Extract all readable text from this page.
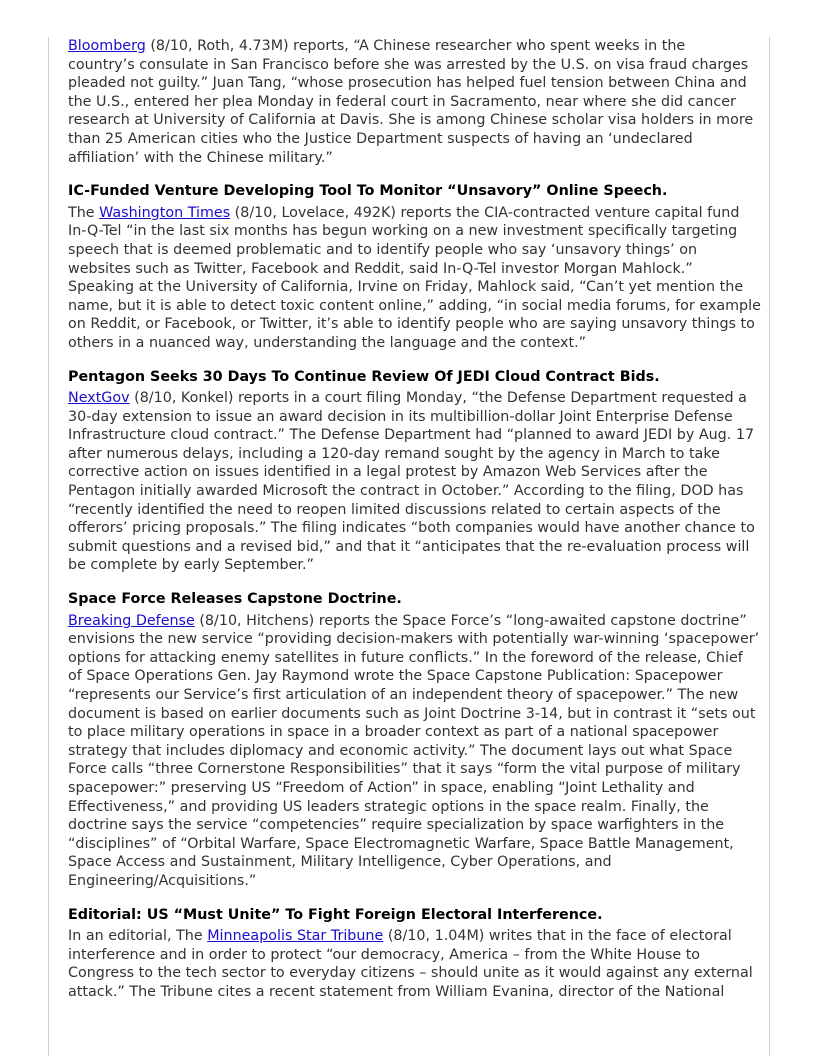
Bloomberg (8/10, Roth, 4.73M) reports, “A Chinese researcher who spent weeks in the
country’s consulate in San Francisco before she was arrested by the U.S. on visa fraud charges
pleaded not guilty.” Juan Tang, “whose prosecution has helped fuel tension between China and
the U.S., entered her plea Monday in federal court in Sacramento, near where she did cancer
research at University of California at Davis. She is among Chinese scholar visa holders in more
than 25 American cities who the Justice Department suspects of having an ‘undeclared
affiliation’ with the Chinese military.”
IC-Funded Venture Developing Tool To Monitor “Unsavory” Online Speech.
The Washington Times (8/10, Lovelace, 492K) reports the CIA-contracted venture capital fund
In-Q-Tel “in the last six months has begun working on a new investment specifically targeting
speech that is deemed problematic and to identify people who say ‘unsavory things’ on
websites such as Twitter, Facebook and Reddit, said In-Q-Tel investor Morgan Mahlock.”
Speaking at the University of California, Irvine on Friday, Mahlock said, “Can’t yet mention the
name, but it is able to detect toxic content online,” adding, “in social media forums, for example
on Reddit, or Facebook, or Twitter, it’s able to identify people who are saying unsavory things to
others in a nuanced way, understanding the language and the context.”
Pentagon Seeks 30 Days To Continue Review Of JEDI Cloud Contract Bids.
NextGov (8/10, Konkel) reports in a court filing Monday, “the Defense Department requested a
30-day extension to issue an award decision in its multibillion-dollar Joint Enterprise Defense
Infrastructure cloud contract.” The Defense Department had “planned to award JEDI by Aug. 17
after numerous delays, including a 120-day remand sought by the agency in March to take
corrective action on issues identified in a legal protest by Amazon Web Services after the
Pentagon initially awarded Microsoft the contract in October.” According to the filing, DOD has
“recently identified the need to reopen limited discussions related to certain aspects of the
offerors’ pricing proposals.” The filing indicates “both companies would have another chance to
submit questions and a revised bid,” and that it “anticipates that the re-evaluation process will
be complete by early September.”
Space Force Releases Capstone Doctrine.
Breaking Defense (8/10, Hitchens) reports the Space Force’s “long-awaited capstone doctrine”
envisions the new service “providing decision-makers with potentially war-winning ‘spacepower’
options for attacking enemy satellites in future conflicts.” In the foreword of the release, Chief
of Space Operations Gen. Jay Raymond wrote the Space Capstone Publication: Spacepower
“represents our Service’s first articulation of an independent theory of spacepower.” The new
document is based on earlier documents such as Joint Doctrine 3-14, but in contrast it “sets out
to place military operations in space in a broader context as part of a national spacepower
strategy that includes diplomacy and economic activity.” The document lays out what Space
Force calls “three Cornerstone Responsibilities” that it says “form the vital purpose of military
spacepower:” preserving US “Freedom of Action” in space, enabling “Joint Lethality and
Effectiveness,” and providing US leaders strategic options in the space realm. Finally, the
doctrine says the service “competencies” require specialization by space warfighters in the
“disciplines” of “Orbital Warfare, Space Electromagnetic Warfare, Space Battle Management,
Space Access and Sustainment, Military Intelligence, Cyber Operations, and
Engineering/Acquisitions.”
Editorial: US “Must Unite” To Fight Foreign Electoral Interference.
In an editorial, The Minneapolis Star Tribune (8/10, 1.04M) writes that in the face of electoral
interference and in order to protect “our democracy, America – from the White House to
Congress to the tech sector to everyday citizens – should unite as it would against any external
attack.” The Tribune cites a recent statement from William Evanina, director of the National
